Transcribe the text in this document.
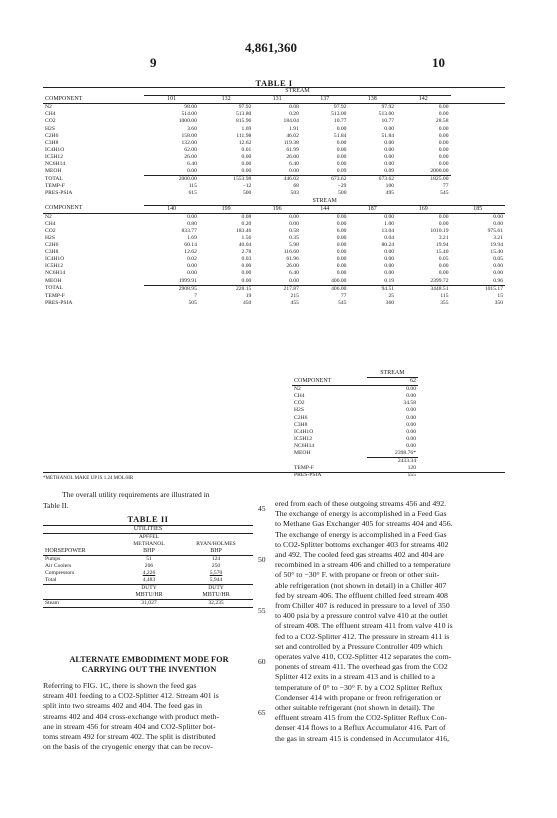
9
4,861,360
10
TABLE I							
	STREAM						
COMPONENT	101	132	131	137	138	142	
N2	98.00	97.92	0.08	97.92	97.92	0.00	
CH4	514.00	513.80	0.20	513.00	513.00	0.00	
CO2	1000.00	815.96	184.04	10.77	10.77	28.58	
H2S	3.60	1.69	1.91	0.00	0.00	0.00	
C2H6	158.00	111.98	46.02	51.84	51.84	0.00	
C3H8	132.00	12.62	119.38	0.00	0.00	0.00	
IC4H1O	62.00	0.01	61.99	0.00	0.00	0.00	
IC5H12	26.00	0.00	26.00	0.00	0.00	0.00	
NC6H14	6.40	0.00	6.40	0.00	0.00	0.00	
MEOH	0.00	0.00	0.00	0.09	0.09	2000.00	
TOTAL	2000.00	1553.98	446.02	673.62	673.62	1825.00	
TEMP-F	115	−12	68	−29	100	77	
PRES-PSIA	615	500	503	500	495	545	
	STREAM						
COMPONENT	140	199	196	144	187	169	185
N2	0.00	0.08	0.00	0.00	0.00	0.00	0.00
CH4	0.80	0.20	0.00	0.00	1.00	0.00	0.00
CO2	833.77	183.46	0.58	6.00	13.04	1010.19	975.61
H2S	1.69	1.56	0.35	0.00	0.04	3.21	3.21
C2H6	60.14	40.04	5.98	0.00	80.24	19.94	19.94
C3H8	12.62	2.78	116.60	0.00	0.00	15.40	15.40
IC4H1O	0.02	0.03	61.96	0.00	0.00	0.05	0.05
IC5H12	0.00	0.00	26.00	0.00	0.00	0.00	0.00
NC6H14	0.00	0.00	6.40	0.00	0.00	0.00	0.00
MEOH	1999.91	0.00	0.00	400.00	0.19	2399.72	0.96
TOTAL	2908.95	228.15	217.87	406.00	94.51	3448.51	1015.17
TEMP-F	7	19	215	77	25	115	15
PRES-PSIA	505	450	455	545	360	355	350
	STREAM
COMPONENT	62
N2	0.00
CH4	0.00
CO2	34.58
H2S	0.00
C2H6	0.00
C3H8	0.00
IC4H1O	0.00
IC5H12	0.00
NC6H14	0.00
MEOH	2398.76*
	2433.34
TEMP-F	120
PRES-PSIA	555
*METHANOL MAKE UP IS 1.24 MOL/HR
The overall utility requirements are illustrated in
Table II.
TABLE II
UTILITIES		
	APFFEL	
	METHANOL	RYAN/HOLMES
HORSEPOWER	BHP	BHP
Pumps	51	124
Air Coolers	206	250
Compressors	4,226	5,570
Total	4,483	5,944
	DUTY	DUTY
	MBTU/HR	MBTU/HR
Steam	31,027	32,235
ALTERNATE EMBODIMENT MODE FOR
CARRYING OUT THE INVENTION
Referring to FIG. 1C, there is shown the feed gas
stream 401 feeding to a CO2-Splitter 412. Stream 401 is
split into two streams 402 and 404. The feed gas in
streams 402 and 404 cross-exchange with product meth-
ane in stream 456 for stream 404 and CO2-Splitter bot-
toms stream 492 for stream 402. The split is distributed
on the basis of the cryogenic energy that can be recov-
ered from each of these outgoing streams 456 and 492.
The exchange of energy is accomplished in a Feed Gas
to Methane Gas Exchanger 405 for streams 404 and 456.
The exchange of energy is accomplished in a Feed Gas
to CO2-Splitter bottoms exchanger 403 for streams 402
and 492. The cooled feed gas streams 402 and 404 are
recombined in a stream 406 and chilled to a temperature
of 50° to −30° F. with propane or freon or other suit-
able refrigeration (not shown in detail) in a Chiller 407
fed by stream 406. The effluent chilled feed stream 408
from Chiller 407 is reduced in pressure to a level of 350
to 400 psia by a pressure control valve 410 at the outlet
of stream 408. The effluent stream 411 from valve 410 is
fed to a CO2-Splitter 412. The pressure in stream 411 is
set and controlled by a Pressure Controller 409 which
operates valve 410, CO2-Splitter 412 separates the com-
ponents of stream 411. The overhead gas from the CO2
Splitter 412 exits in a stream 413 and is chilled to a
temperature of 0° to −30° F. by a CO2 Splitter Reflux
Condenser 414 with propane or freon refrigeration or
other suitable refrigerant (not shown in detail). The
effluent stream 415 from the CO2-Splitter Reflux Con-
denser 414 flows to a Reflux Accumulator 416. Part of
the gas in stream 415 is condensed in Accumulator 416,
45
50
55
60
65
